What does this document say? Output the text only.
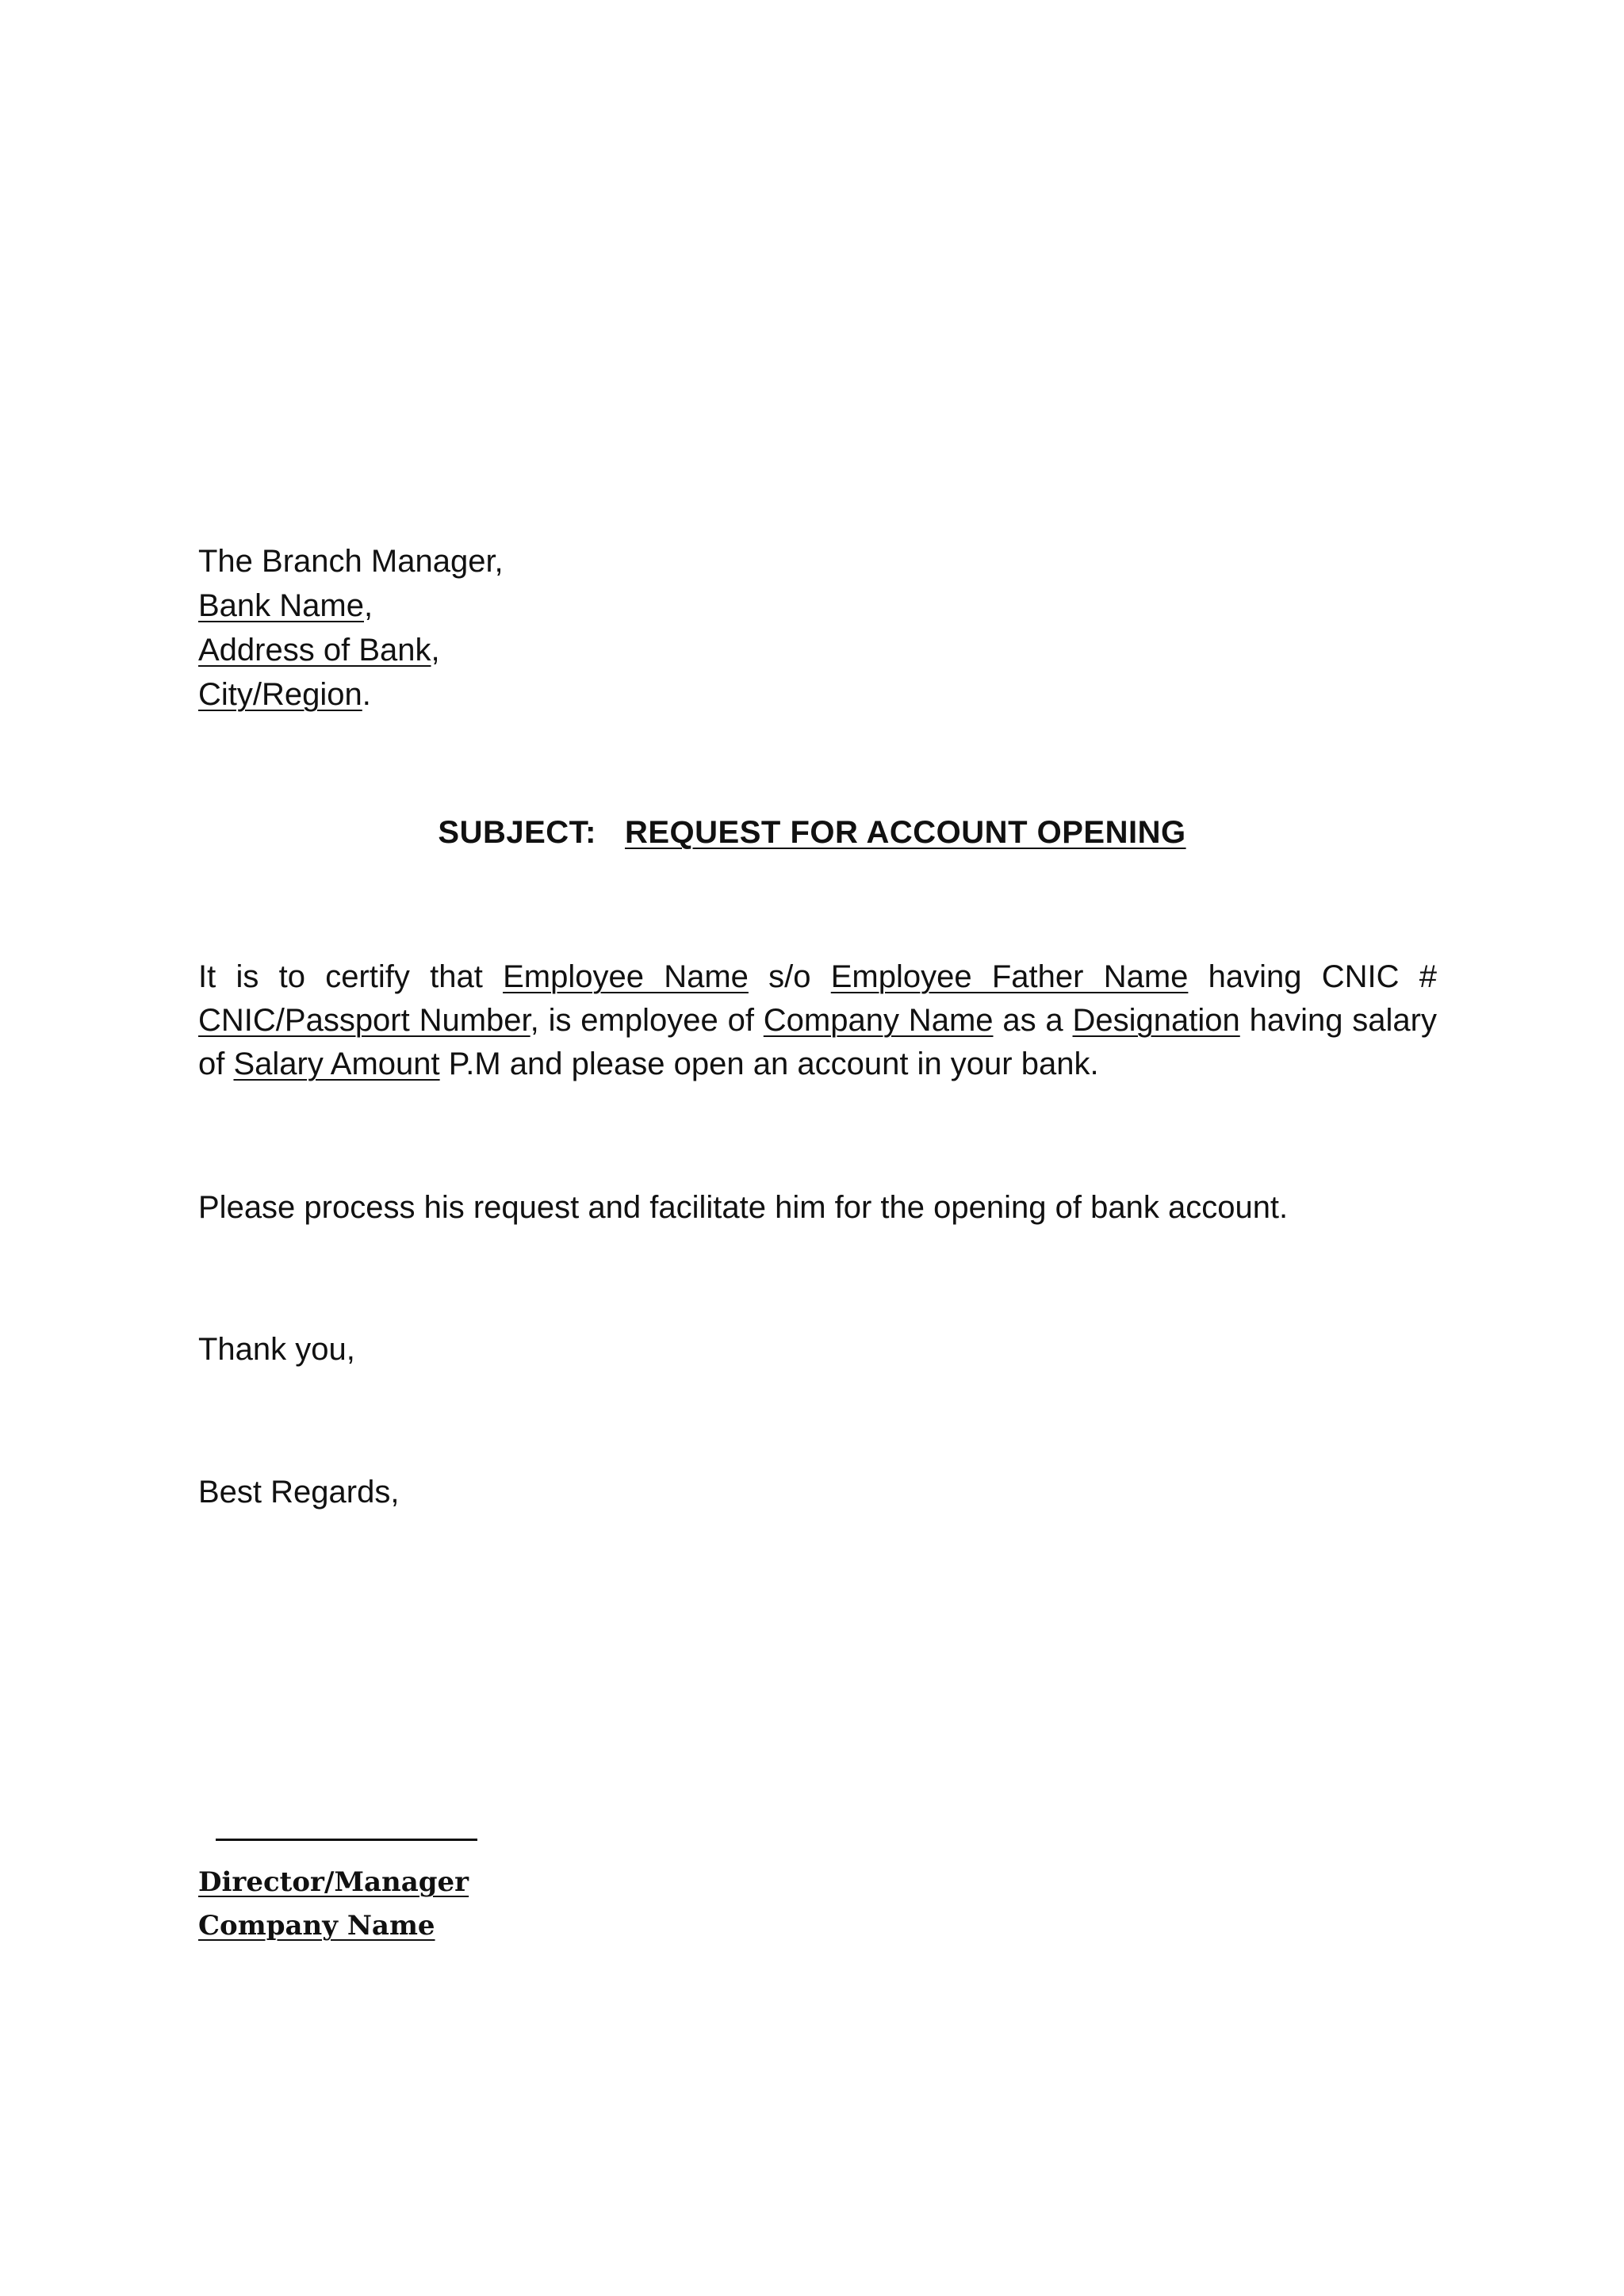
The Branch Manager,
Bank Name,
Address of Bank,
City/Region.
SUBJECT: REQUEST FOR ACCOUNT OPENING
It is to certify that Employee Name s/o Employee Father Name having CNIC # CNIC/Passport Number, is employee of Company Name as a Designation having salary of Salary Amount P.M and please open an account in your bank.
Please process his request and facilitate him for the opening of bank account.
Thank you,
Best Regards,
Director/Manager
Company Name
